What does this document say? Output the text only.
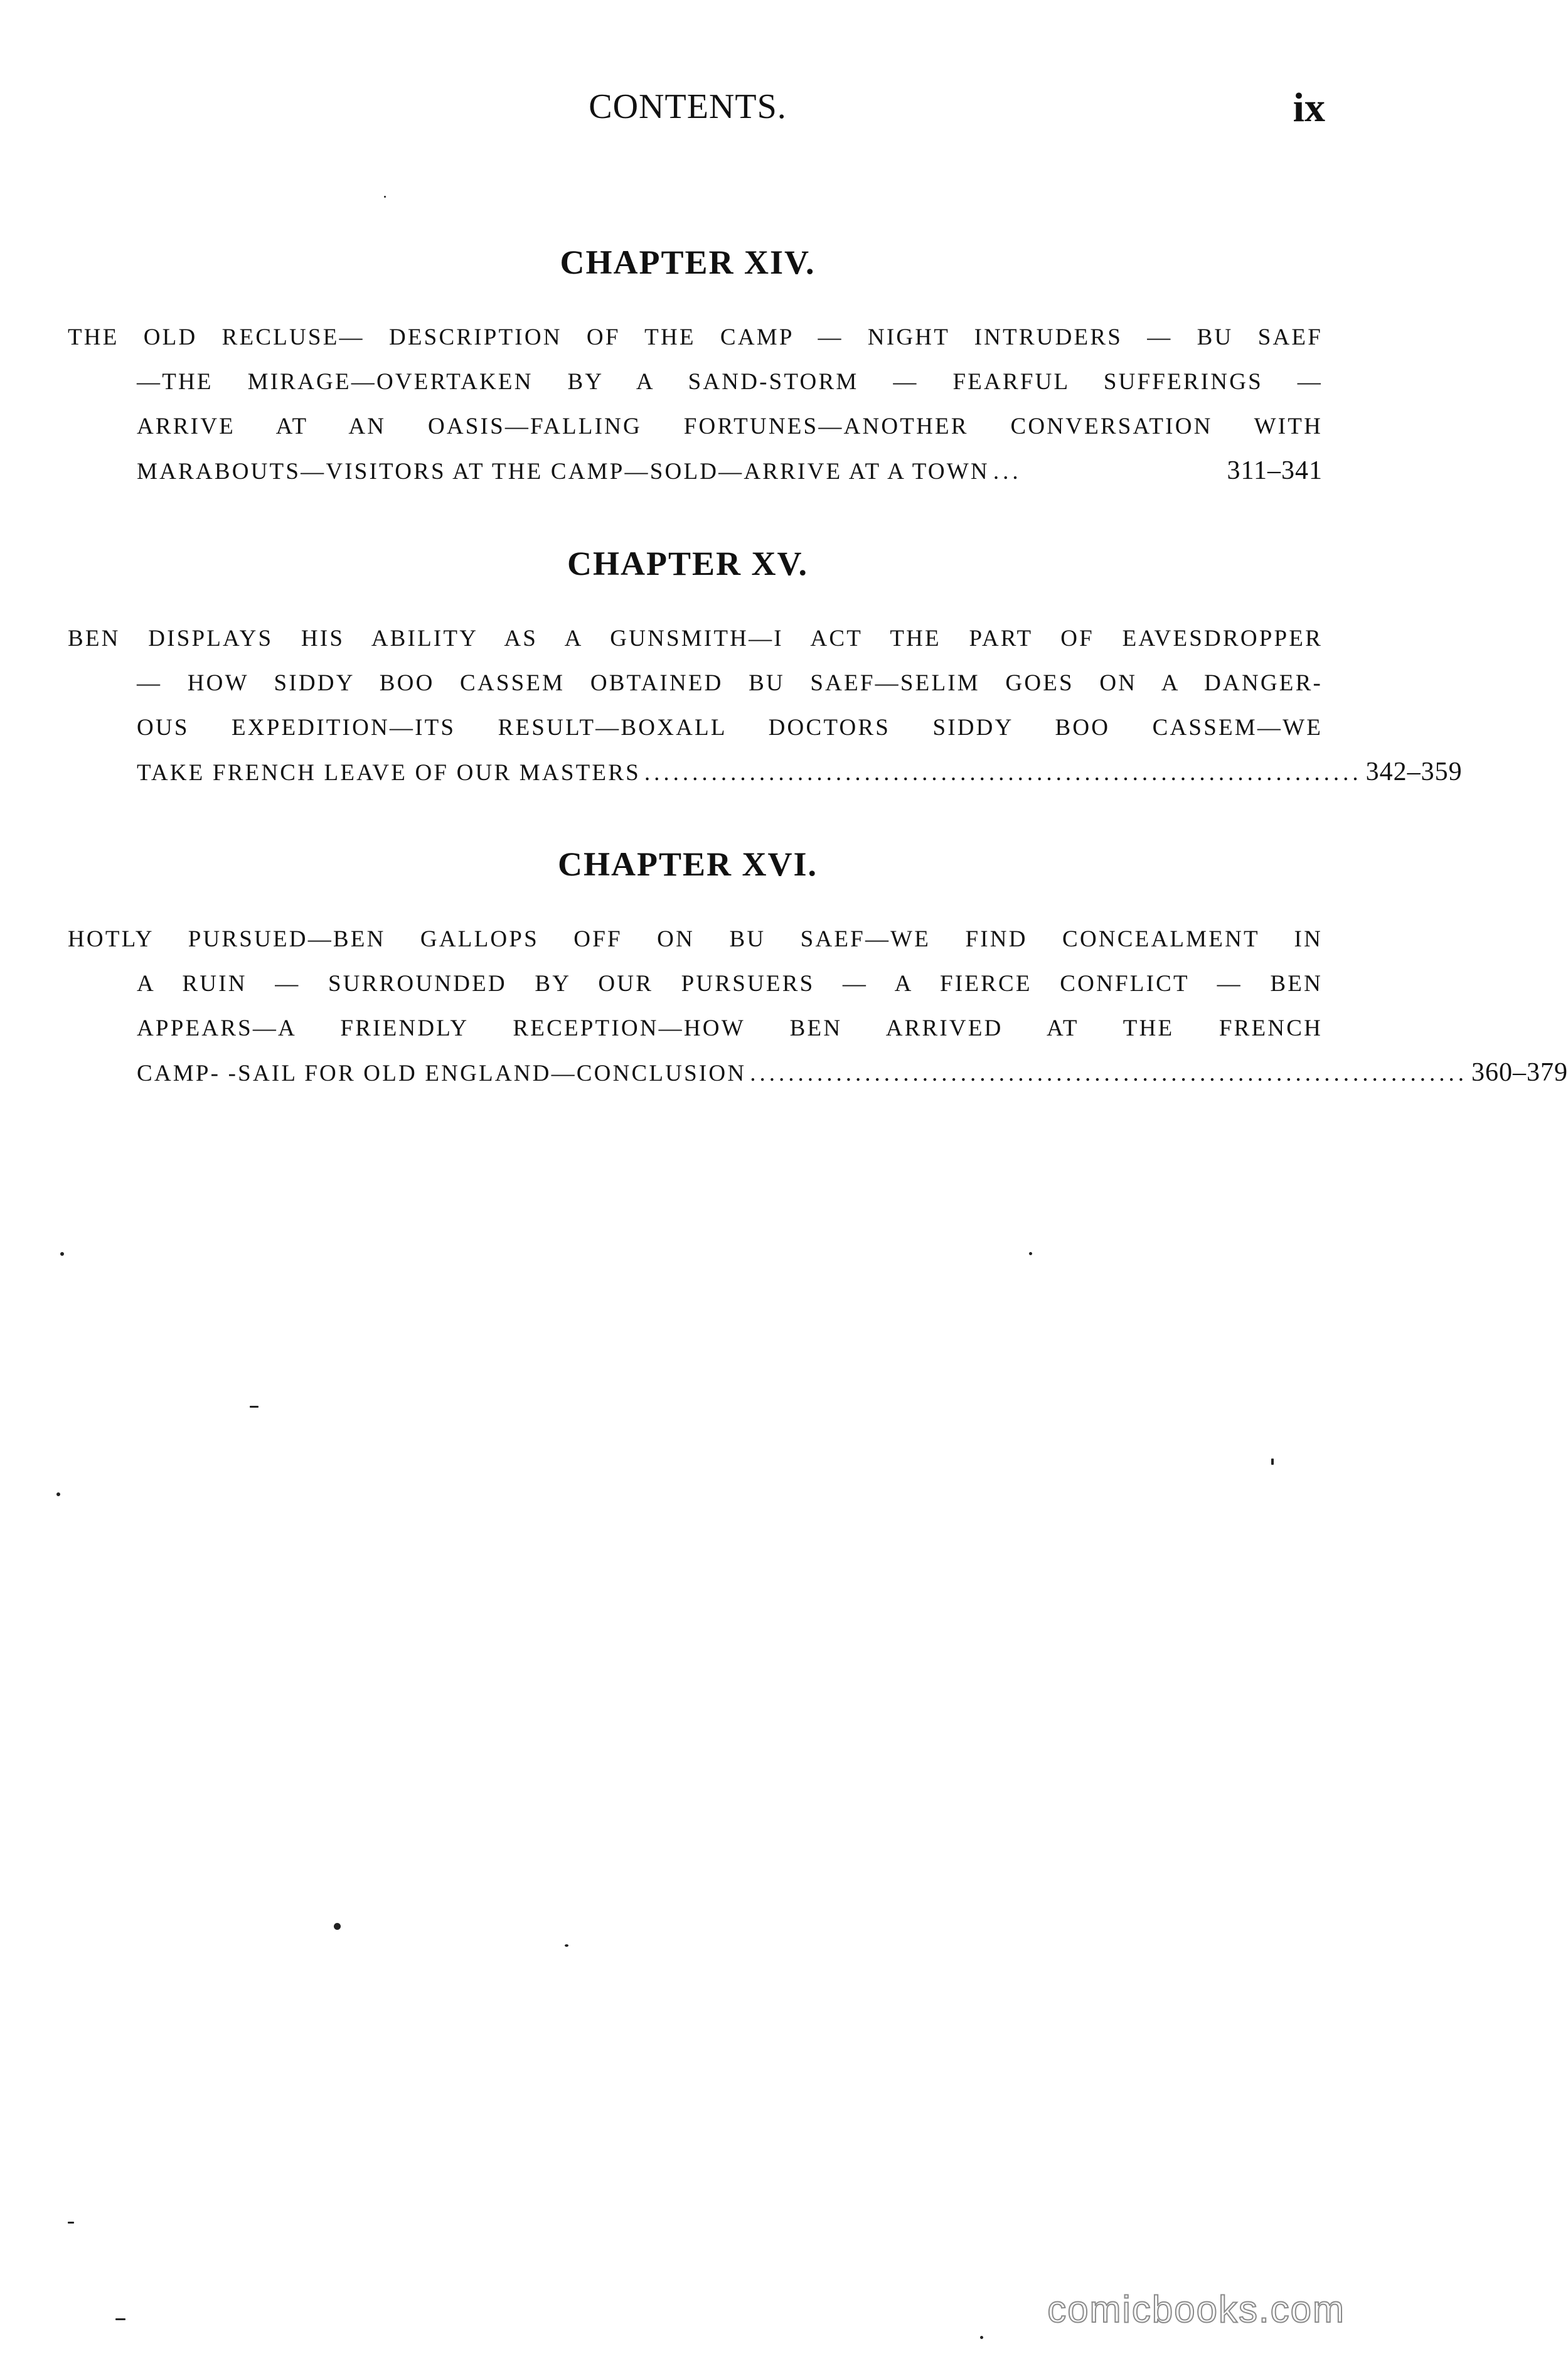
CONTENTS.	ix
CHAPTER XIV.
THE OLD RECLUSE— DESCRIPTION OF THE CAMP — NIGHT INTRUDERS — BU SAEF
—THE MIRAGE—OVERTAKEN BY A SAND-STORM — FEARFUL SUFFERINGS —
ARRIVE AT AN OASIS—FALLING FORTUNES—ANOTHER CONVERSATION WITH
MARABOUTS—VISITORS AT THE CAMP—SOLD—ARRIVE AT A TOWN ...	311–341
CHAPTER XV.
BEN DISPLAYS HIS ABILITY AS A GUNSMITH—I ACT THE PART OF EAVESDROPPER
— HOW SIDDY BOO CASSEM OBTAINED BU SAEF—SELIM GOES ON A DANGER-
OUS EXPEDITION—ITS RESULT—BOXALL DOCTORS SIDDY BOO CASSEM—WE
TAKE FRENCH LEAVE OF OUR MASTERS ........................................................................... 342–359
CHAPTER XVI.
HOTLY PURSUED—BEN GALLOPS OFF ON BU SAEF—WE FIND CONCEALMENT IN
A RUIN — SURROUNDED BY OUR PURSUERS — A FIERCE CONFLICT — BEN
APPEARS—A FRIENDLY RECEPTION—HOW BEN ARRIVED AT THE FRENCH
CAMP- -SAIL FOR OLD ENGLAND—CONCLUSION ........................................................................... 360–379
comicbooks.com
